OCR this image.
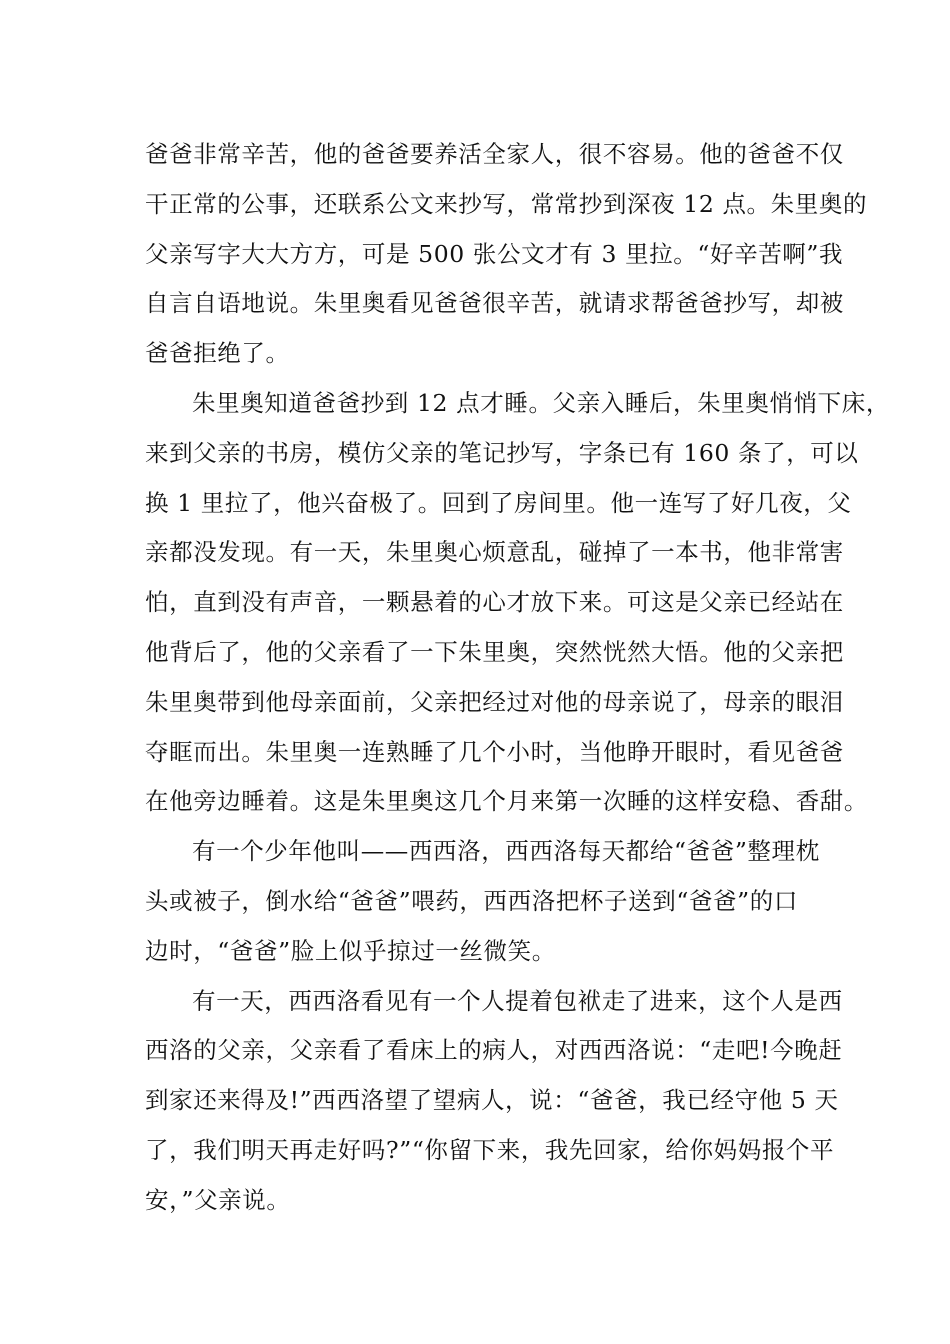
爸爸非常辛苦，他的爸爸要养活全家人，很不容易。他的爸爸不仅
干正常的公事，还联系公文来抄写，常常抄到深夜 12 点。朱里奥的
父亲写字大大方方，可是 500 张公文才有 3 里拉。“好辛苦啊”我
自言自语地说。朱里奥看见爸爸很辛苦，就请求帮爸爸抄写，却被
爸爸拒绝了。

朱里奥知道爸爸抄到 12 点才睡。父亲入睡后，朱里奥悄悄下床，
来到父亲的书房，模仿父亲的笔记抄写，字条已有 160 条了，可以
换 1 里拉了，他兴奋极了。回到了房间里。他一连写了好几夜，父
亲都没发现。有一天，朱里奥心烦意乱，碰掉了一本书，他非常害
怕，直到没有声音，一颗悬着的心才放下来。可这是父亲已经站在
他背后了，他的父亲看了一下朱里奥，突然恍然大悟。他的父亲把
朱里奥带到他母亲面前，父亲把经过对他的母亲说了，母亲的眼泪
夺眶而出。朱里奥一连熟睡了几个小时，当他睁开眼时，看见爸爸
在他旁边睡着。这是朱里奥这几个月来第一次睡的这样安稳、香甜。

有一个少年他叫——西西洛，西西洛每天都给“爸爸”整理枕
头或被子，倒水给“爸爸”喂药，西西洛把杯子送到“爸爸”的口
边时，“爸爸”脸上似乎掠过一丝微笑。

有一天，西西洛看见有一个人提着包袱走了进来，这个人是西
西洛的父亲，父亲看了看床上的病人，对西西洛说：“走吧!今晚赶
到家还来得及!”西西洛望了望病人，说：“爸爸，我已经守他 5 天
了，我们明天再走好吗?”“你留下来，我先回家，给你妈妈报个平
安，”父亲说。
